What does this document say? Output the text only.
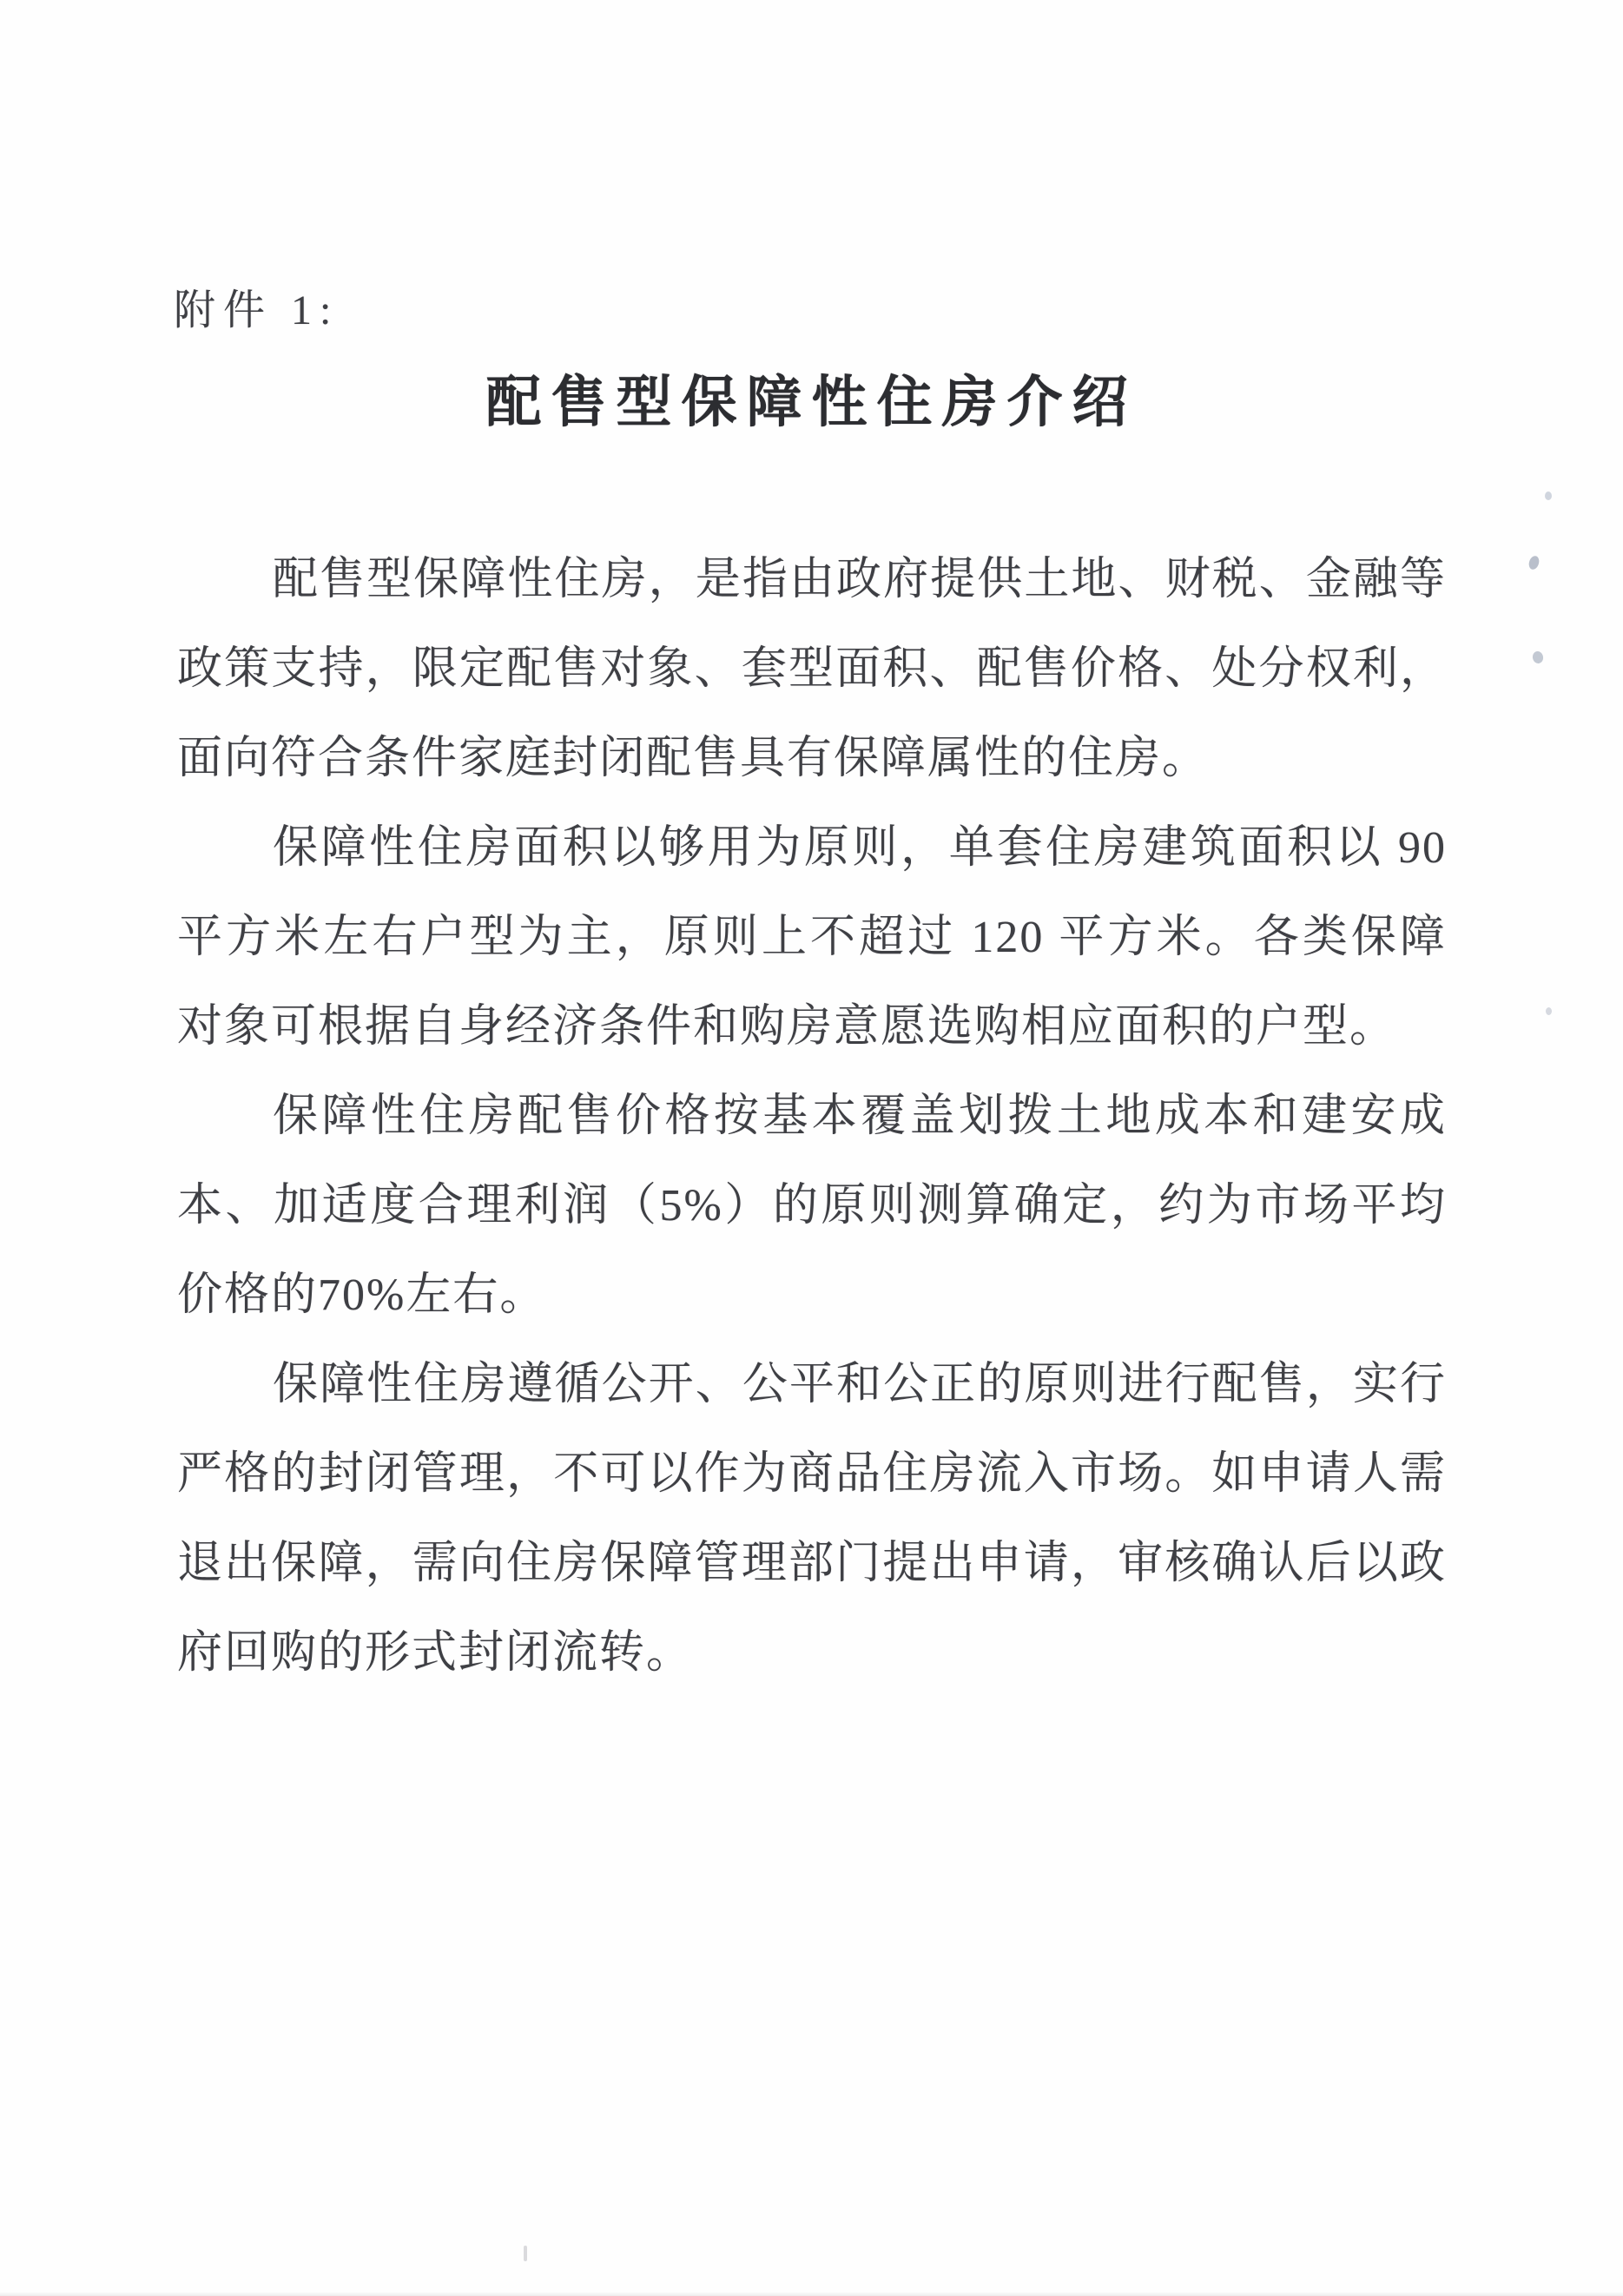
附件 1:
配售型保障性住房介绍

配售型保障性住房，是指由政府提供土地、财税、金融等政策支持，限定配售对象、套型面积、配售价格、处分权利，面向符合条件家庭封闭配售具有保障属性的住房。

保障性住房面积以够用为原则，单套住房建筑面积以 90 平方米左右户型为主，原则上不超过 120 平方米。各类保障对象可根据自身经济条件和购房意愿选购相应面积的户型。

保障性住房配售价格按基本覆盖划拨土地成本和建安成本、加适度合理利润（5%）的原则测算确定，约为市场平均价格的70%左右。

保障性住房遵循公开、公平和公正的原则进行配售，实行严格的封闭管理，不可以作为商品住房流入市场。如申请人需退出保障，需向住房保障管理部门提出申请，审核确认后以政府回购的形式封闭流转。
